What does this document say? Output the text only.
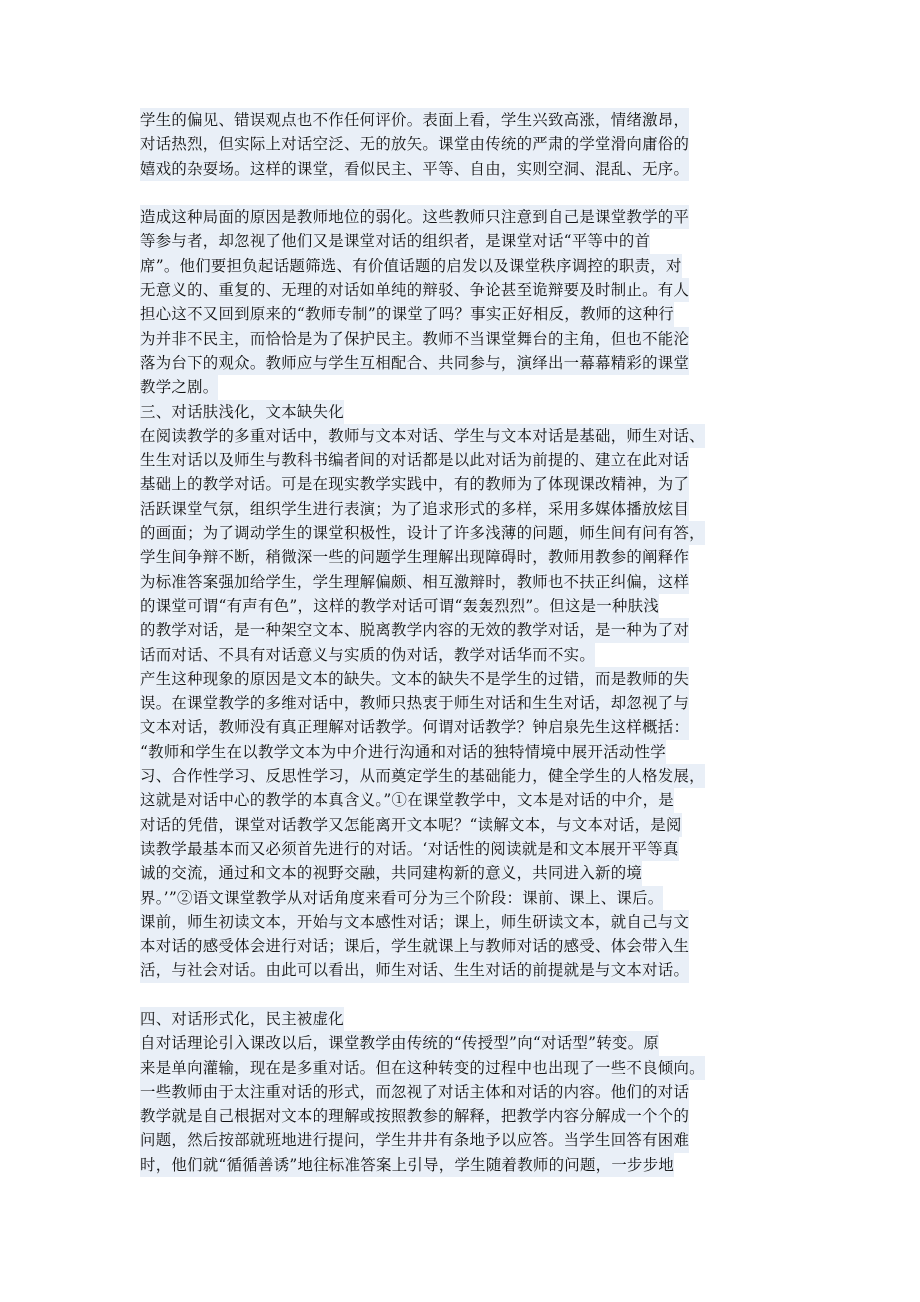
学生的偏见、错误观点也不作任何评价。表面上看，学生兴致高涨，情绪激昂，
对话热烈，但实际上对话空泛、无的放矢。课堂由传统的严肃的学堂滑向庸俗的
嬉戏的杂耍场。这样的课堂，看似民主、平等、自由，实则空洞、混乱、无序。
造成这种局面的原因是教师地位的弱化。这些教师只注意到自己是课堂教学的平
等参与者，却忽视了他们又是课堂对话的组织者，是课堂对话“平等中的首
席”。他们要担负起话题筛选、有价值话题的启发以及课堂秩序调控的职责，对
无意义的、重复的、无理的对话如单纯的辩驳、争论甚至诡辩要及时制止。有人
担心这不又回到原来的“教师专制”的课堂了吗？事实正好相反，教师的这种行
为并非不民主，而恰恰是为了保护民主。教师不当课堂舞台的主角，但也不能沦
落为台下的观众。教师应与学生互相配合、共同参与，演绎出一幕幕精彩的课堂
教学之剧。
三、对话肤浅化，文本缺失化
在阅读教学的多重对话中，教师与文本对话、学生与文本对话是基础，师生对话、
生生对话以及师生与教科书编者间的对话都是以此对话为前提的、建立在此对话
基础上的教学对话。可是在现实教学实践中，有的教师为了体现课改精神，为了
活跃课堂气氛，组织学生进行表演；为了追求形式的多样，采用多媒体播放炫目
的画面；为了调动学生的课堂积极性，设计了许多浅薄的问题，师生间有问有答，
学生间争辩不断，稍微深一些的问题学生理解出现障碍时，教师用教参的阐释作
为标准答案强加给学生，学生理解偏颇、相互激辩时，教师也不扶正纠偏，这样
的课堂可谓“有声有色”，这样的教学对话可谓“轰轰烈烈”。但这是一种肤浅
的教学对话，是一种架空文本、脱离教学内容的无效的教学对话，是一种为了对
话而对话、不具有对话意义与实质的伪对话，教学对话华而不实。
产生这种现象的原因是文本的缺失。文本的缺失不是学生的过错，而是教师的失
误。在课堂教学的多维对话中，教师只热衷于师生对话和生生对话，却忽视了与
文本对话，教师没有真正理解对话教学。何谓对话教学？钟启泉先生这样概括：
“教师和学生在以教学文本为中介进行沟通和对话的独特情境中展开活动性学
习、合作性学习、反思性学习，从而奠定学生的基础能力，健全学生的人格发展，
这就是对话中心的教学的本真含义。”①在课堂教学中，文本是对话的中介，是
对话的凭借，课堂对话教学又怎能离开文本呢？“读解文本，与文本对话，是阅
读教学最基本而又必须首先进行的对话。‘对话性的阅读就是和文本展开平等真
诚的交流，通过和文本的视野交融，共同建构新的意义，共同进入新的境
界。’”②语文课堂教学从对话角度来看可分为三个阶段：课前、课上、课后。
课前，师生初读文本，开始与文本感性对话；课上，师生研读文本，就自己与文
本对话的感受体会进行对话；课后，学生就课上与教师对话的感受、体会带入生
活，与社会对话。由此可以看出，师生对话、生生对话的前提就是与文本对话。
四、对话形式化，民主被虚化
自对话理论引入课改以后，课堂教学由传统的“传授型”向“对话型”转变。原
来是单向灌输，现在是多重对话。但在这种转变的过程中也出现了一些不良倾向。
一些教师由于太注重对话的形式，而忽视了对话主体和对话的内容。他们的对话
教学就是自己根据对文本的理解或按照教参的解释，把教学内容分解成一个个的
问题，然后按部就班地进行提问，学生井井有条地予以应答。当学生回答有困难
时，他们就“循循善诱”地往标准答案上引导，学生随着教师的问题，一步步地
